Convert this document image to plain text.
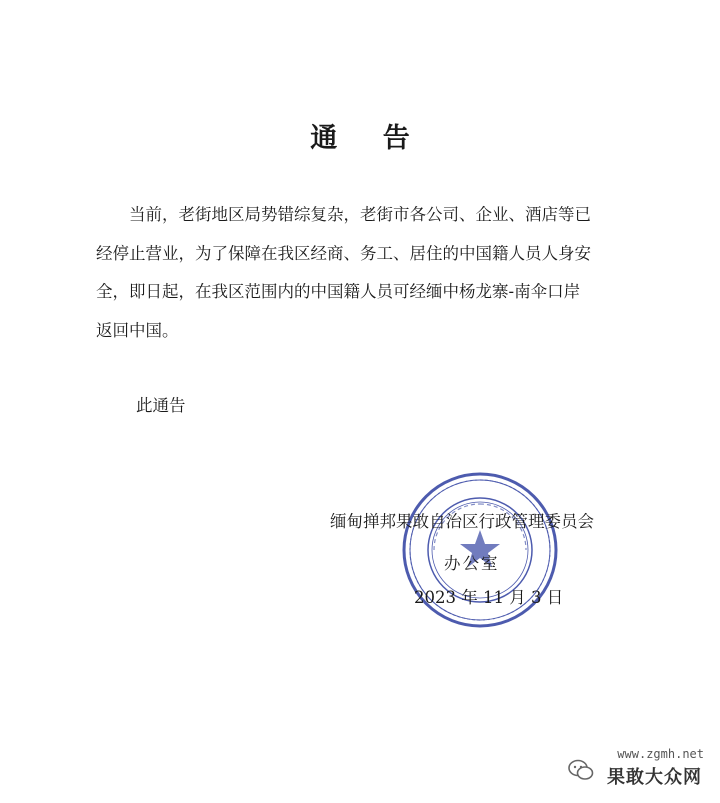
通 告
当前，老街地区局势错综复杂，老街市各公司、企业、酒店等已
经停止营业，为了保障在我区经商、务工、居住的中国籍人员人身安
全，即日起，在我区范围内的中国籍人员可经缅中杨龙寨-南伞口岸
返回中国。
此通告
缅甸掸邦果敢自治区行政管理委员会
办公室
2023 年 11 月 3 日
www.zgmh.net
果敢大众网
